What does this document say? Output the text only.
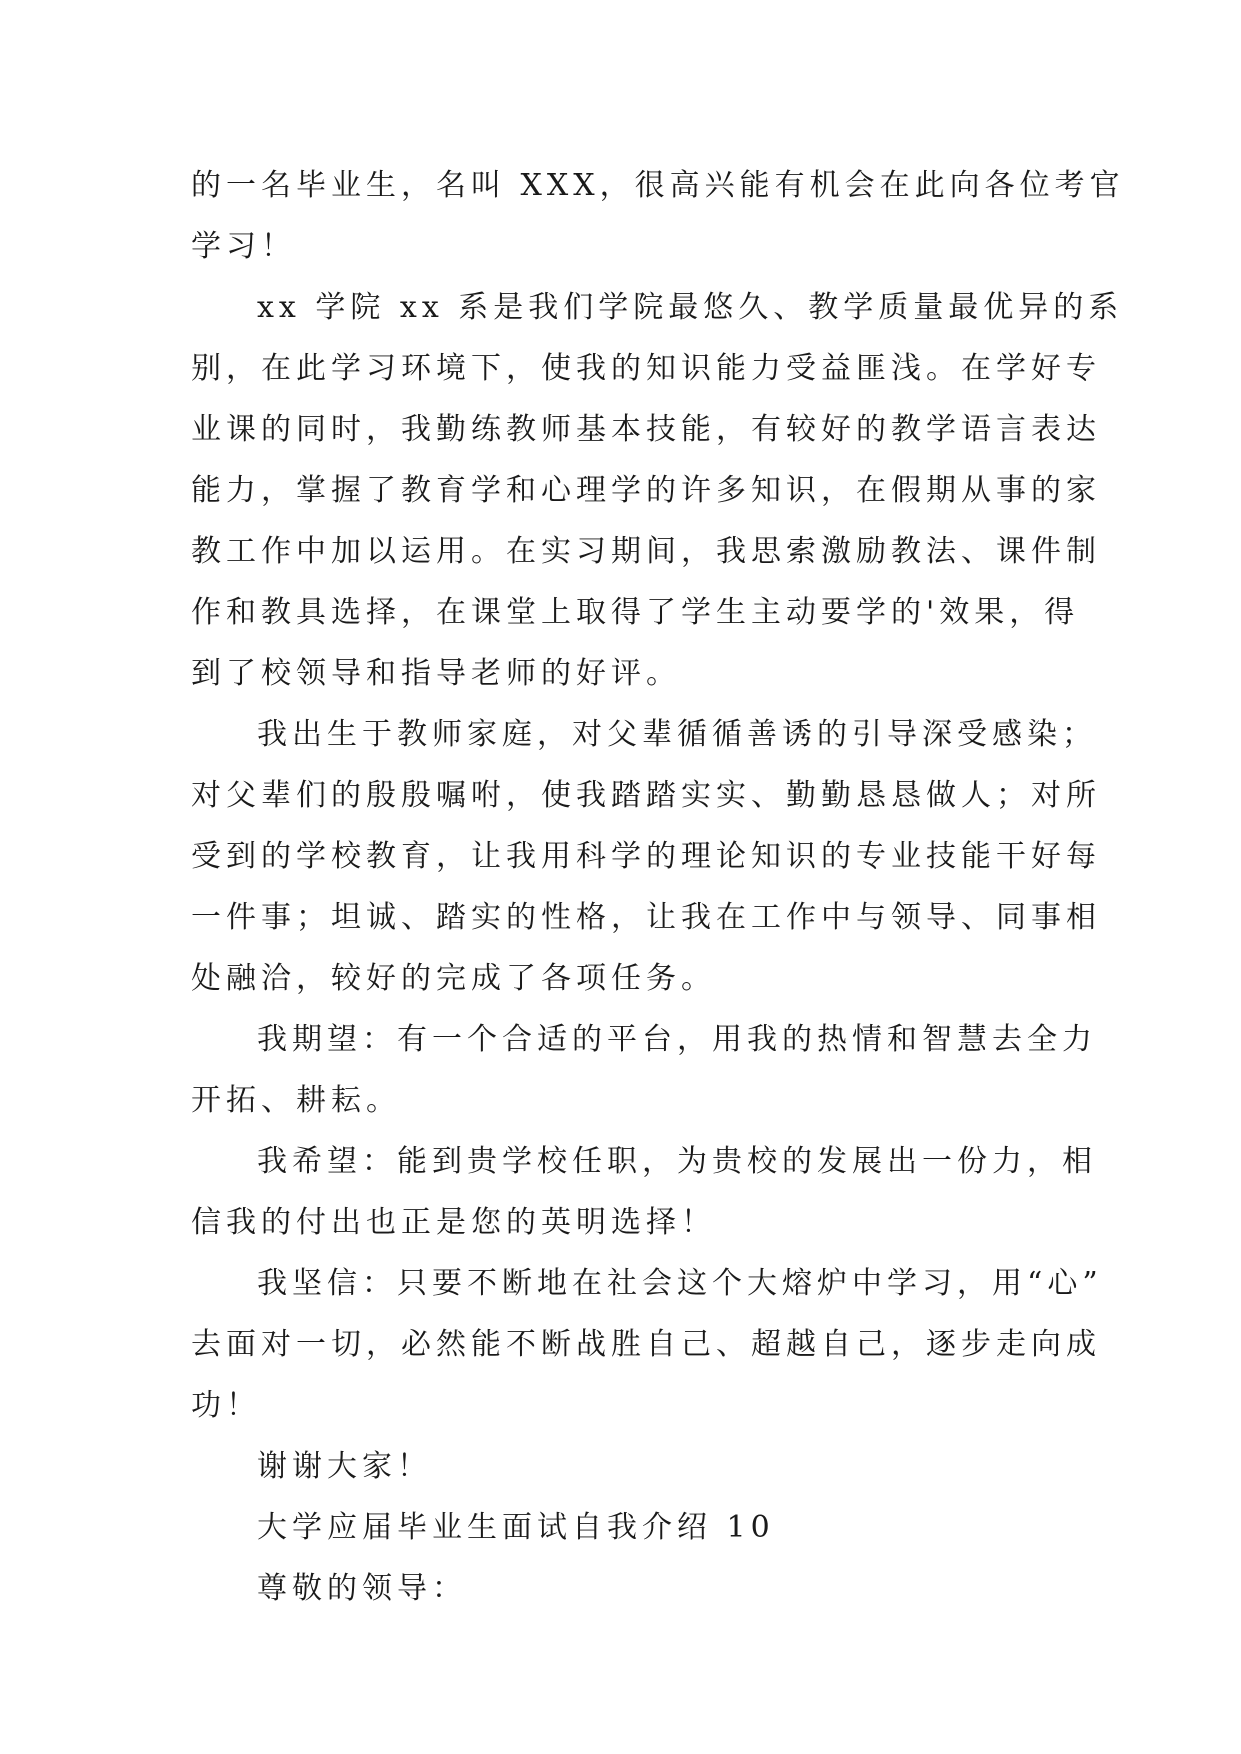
的一名毕业生，名叫 XXX，很高兴能有机会在此向各位考官
学习！

xx 学院 xx 系是我们学院最悠久、教学质量最优异的系
别，在此学习环境下，使我的知识能力受益匪浅。在学好专
业课的同时，我勤练教师基本技能，有较好的教学语言表达
能力，掌握了教育学和心理学的许多知识，在假期从事的家
教工作中加以运用。在实习期间，我思索激励教法、课件制
作和教具选择，在课堂上取得了学生主动要学的'效果，得
到了校领导和指导老师的好评。

我出生于教师家庭，对父辈循循善诱的引导深受感染；
对父辈们的殷殷嘱咐，使我踏踏实实、勤勤恳恳做人；对所
受到的学校教育，让我用科学的理论知识的专业技能干好每
一件事；坦诚、踏实的性格，让我在工作中与领导、同事相
处融洽，较好的完成了各项任务。

我期望：有一个合适的平台，用我的热情和智慧去全力
开拓、耕耘。

我希望：能到贵学校任职，为贵校的发展出一份力，相
信我的付出也正是您的英明选择！

我坚信：只要不断地在社会这个大熔炉中学习，用“心”
去面对一切，必然能不断战胜自己、超越自己，逐步走向成
功！

谢谢大家！

大学应届毕业生面试自我介绍 10

尊敬的领导：
